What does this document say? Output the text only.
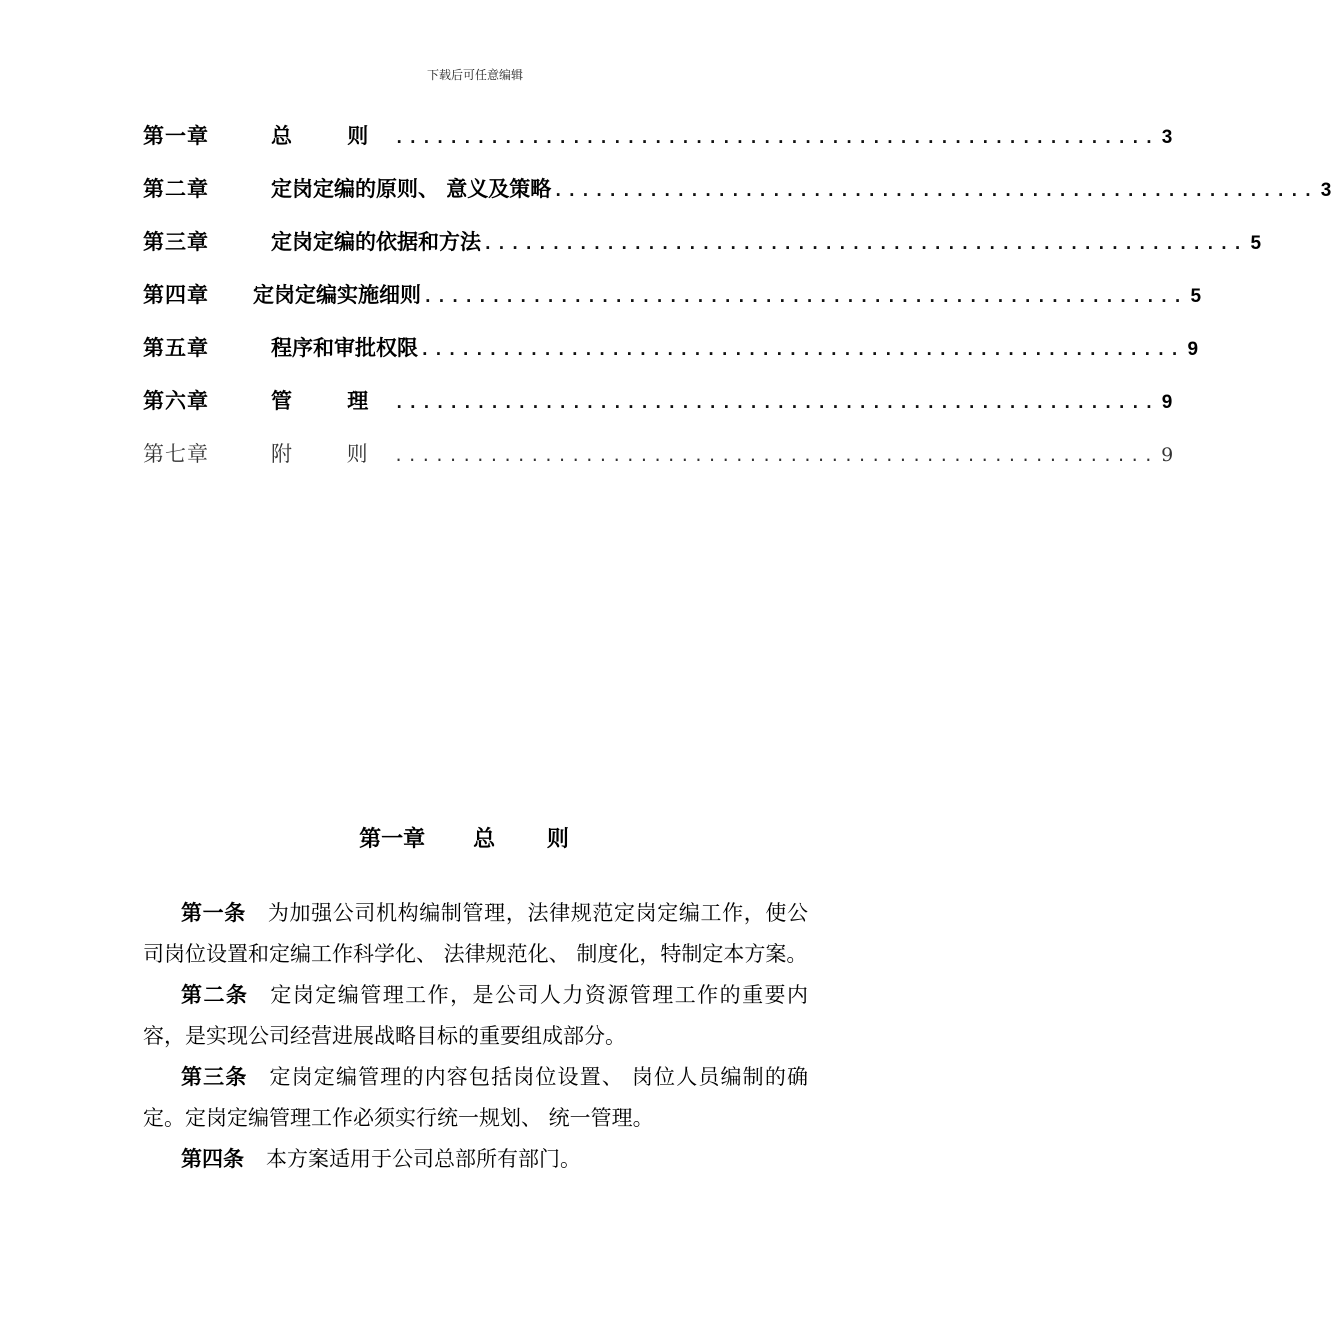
下载后可任意编辑
第一章	总 则 ........................................................ 3
第二章	定岗定编的原则、 意义及策略 ........................................................ 3
第三章	定岗定编的依据和方法 ........................................................ 5
第四章	定岗定编实施细则 ........................................................ 5
第五章	程序和审批权限 ........................................................ 9
第六章	管 理 ........................................................ 9
第七章	附 则 ........................................................ 9
第一章 总 则

第一条 为加强公司机构编制管理，法律规范定岗定编工作，使公司岗位设置和定编工作科学化、 法律规范化、 制度化，特制定本方案。

第二条 定岗定编管理工作，是公司人力资源管理工作的重要内容，是实现公司经营进展战略目标的重要组成部分。

第三条 定岗定编管理的内容包括岗位设置、 岗位人员编制的确定。定岗定编管理工作必须实行统一规划、 统一管理。

第四条 本方案适用于公司总部所有部门。
